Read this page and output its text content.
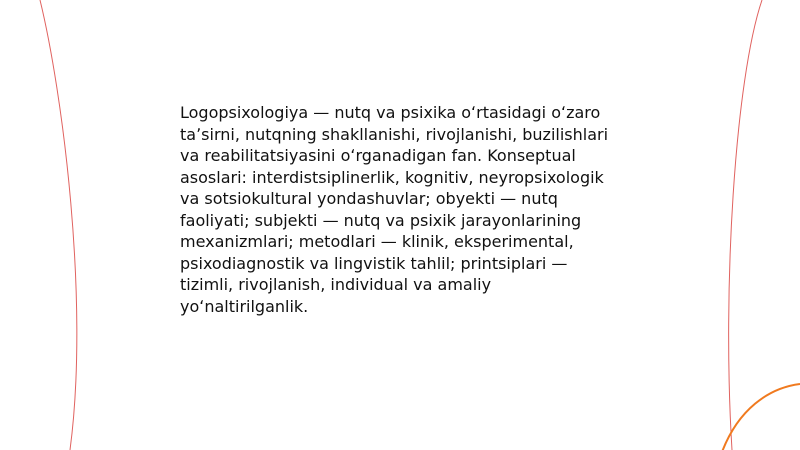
Logopsixologiya — nutq va psixika oʻrtasidagi oʻzaro taʼsirni, nutqning shakllanishi, rivojlanishi, buzilishlari va reabilitatsiyasini oʻrganadigan fan. Konseptual asoslari: interdistsiplinerlik, kognitiv, neyropsixologik va sotsiokultural yondashuvlar; obyekti — nutq faoliyati; subjekti — nutq va psixik jarayonlarining mexanizmlari; metodlari — klinik, eksperimental, psixodiagnostik va lingvistik tahlil; printsiplari — tizimli, rivojlanish, individual va amaliy yoʻnaltirilganlik.
